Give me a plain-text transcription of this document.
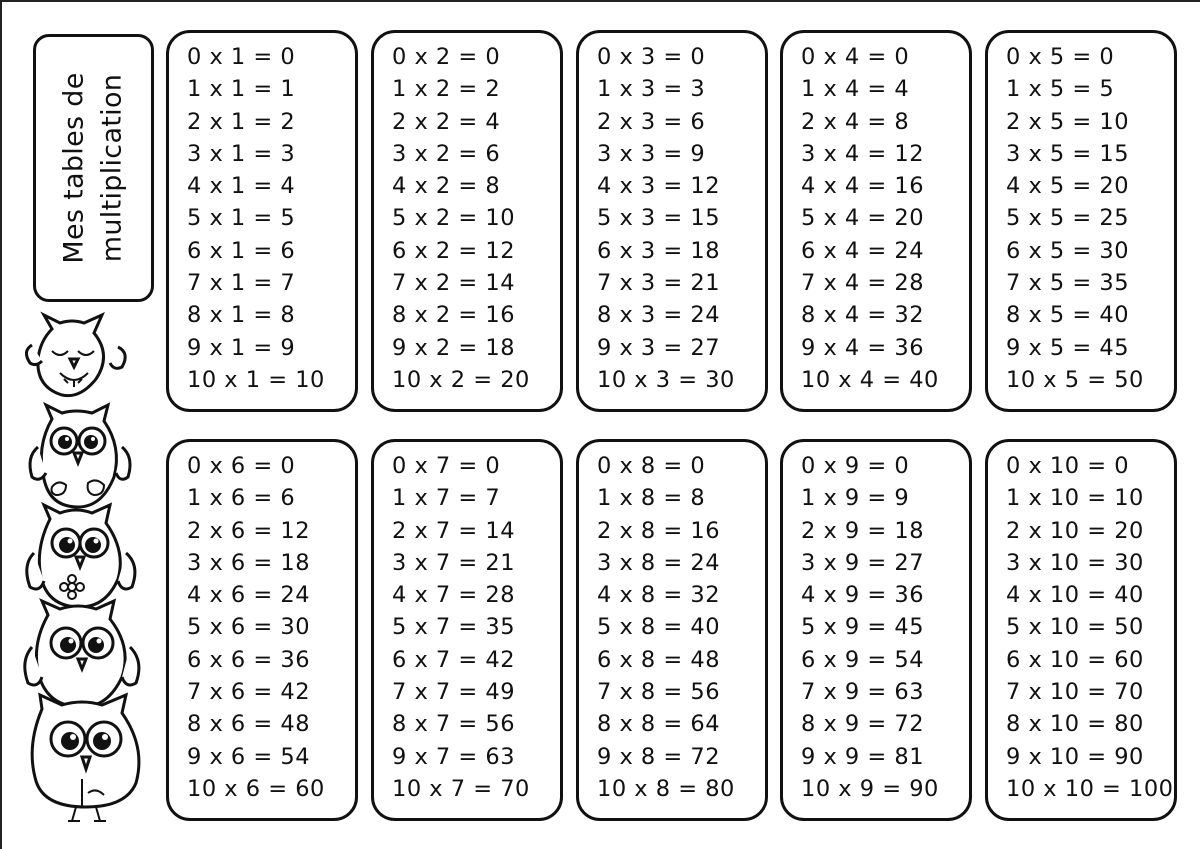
Mes tables de multiplication
0 x 1 = 0
1 x 1 = 1
2 x 1 = 2
3 x 1 = 3
4 x 1 = 4
5 x 1 = 5
6 x 1 = 6
7 x 1 = 7
8 x 1 = 8
9 x 1 = 9
10 x 1 = 10
0 x 2 = 0
1 x 2 = 2
2 x 2 = 4
3 x 2 = 6
4 x 2 = 8
5 x 2 = 10
6 x 2 = 12
7 x 2 = 14
8 x 2 = 16
9 x 2 = 18
10 x 2 = 20
0 x 3 = 0
1 x 3 = 3
2 x 3 = 6
3 x 3 = 9
4 x 3 = 12
5 x 3 = 15
6 x 3 = 18
7 x 3 = 21
8 x 3 = 24
9 x 3 = 27
10 x 3 = 30
0 x 4 = 0
1 x 4 = 4
2 x 4 = 8
3 x 4 = 12
4 x 4 = 16
5 x 4 = 20
6 x 4 = 24
7 x 4 = 28
8 x 4 = 32
9 x 4 = 36
10 x 4 = 40
0 x 5 = 0
1 x 5 = 5
2 x 5 = 10
3 x 5 = 15
4 x 5 = 20
5 x 5 = 25
6 x 5 = 30
7 x 5 = 35
8 x 5 = 40
9 x 5 = 45
10 x 5 = 50
0 x 6 = 0
1 x 6 = 6
2 x 6 = 12
3 x 6 = 18
4 x 6 = 24
5 x 6 = 30
6 x 6 = 36
7 x 6 = 42
8 x 6 = 48
9 x 6 = 54
10 x 6 = 60
0 x 7 = 0
1 x 7 = 7
2 x 7 = 14
3 x 7 = 21
4 x 7 = 28
5 x 7 = 35
6 x 7 = 42
7 x 7 = 49
8 x 7 = 56
9 x 7 = 63
10 x 7 = 70
0 x 8 = 0
1 x 8 = 8
2 x 8 = 16
3 x 8 = 24
4 x 8 = 32
5 x 8 = 40
6 x 8 = 48
7 x 8 = 56
8 x 8 = 64
9 x 8 = 72
10 x 8 = 80
0 x 9 = 0
1 x 9 = 9
2 x 9 = 18
3 x 9 = 27
4 x 9 = 36
5 x 9 = 45
6 x 9 = 54
7 x 9 = 63
8 x 9 = 72
9 x 9 = 81
10 x 9 = 90
0 x 10 = 0
1 x 10 = 10
2 x 10 = 20
3 x 10 = 30
4 x 10 = 40
5 x 10 = 50
6 x 10 = 60
7 x 10 = 70
8 x 10 = 80
9 x 10 = 90
10 x 10 = 100
